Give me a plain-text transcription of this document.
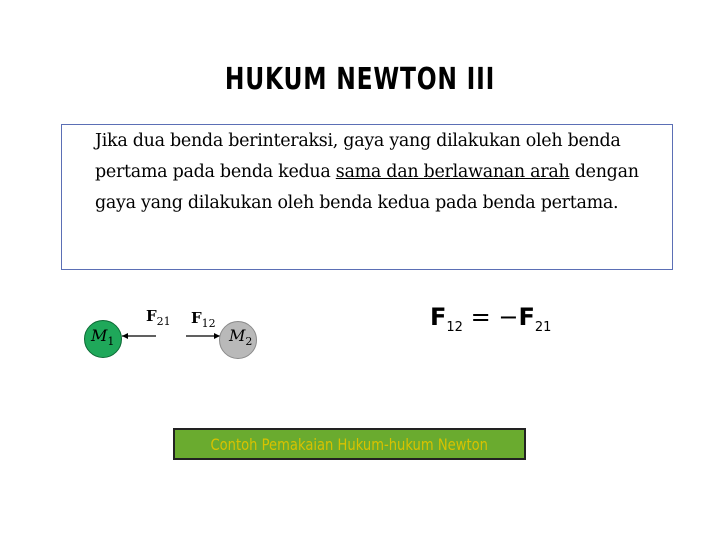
HUKUM NEWTON III

Jika dua benda berinteraksi, gaya yang dilakukan oleh benda pertama pada benda kedua sama dan berlawanan arah dengan gaya yang dilakukan oleh benda kedua pada benda pertama.

$M_1$
$F_{21}$ $F_{12}$
$M_2$
$F_{12} = -F_{21}$
Contoh Pemakaian Hukum-hukum Newton
